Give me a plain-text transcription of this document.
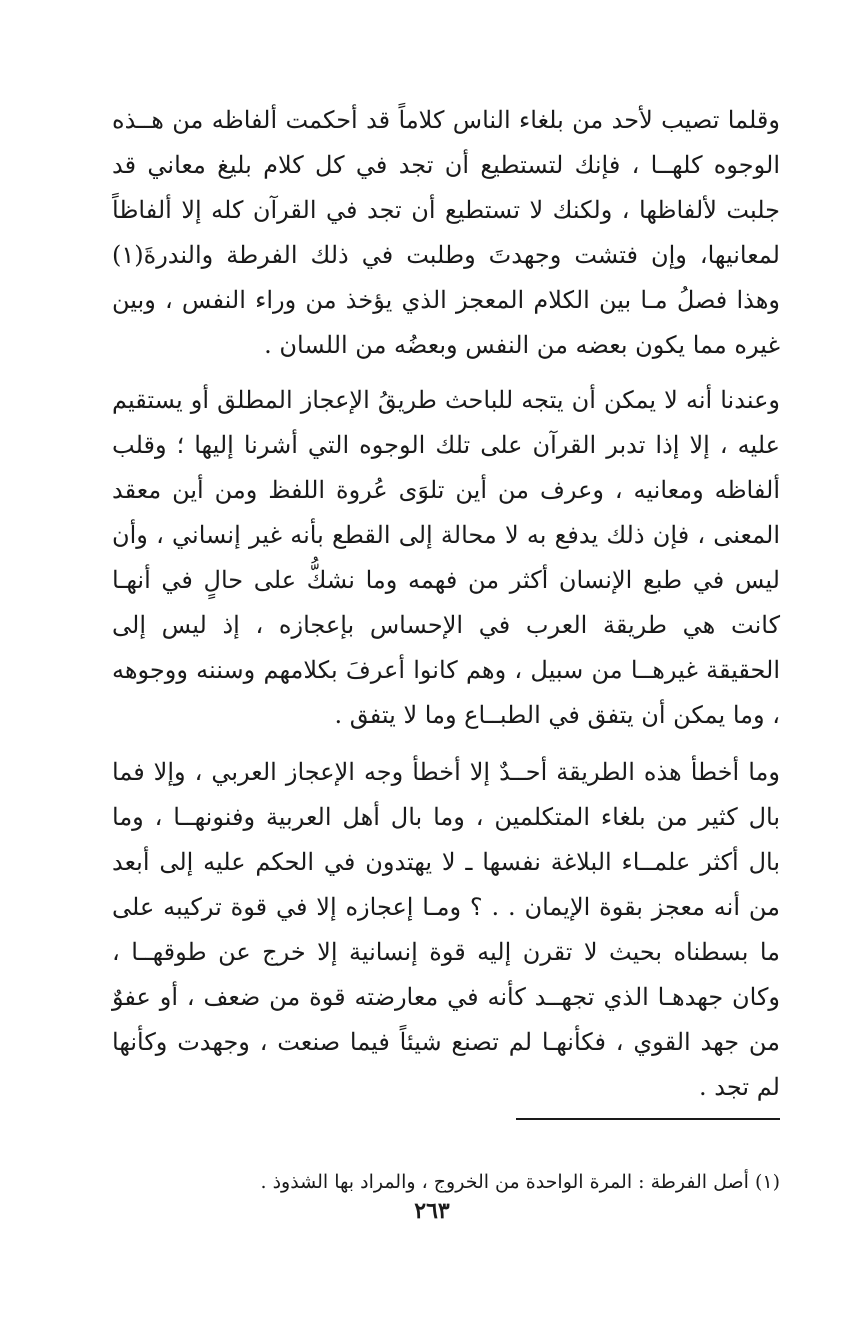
وقلما تصيب لأحد من بلغاء الناس كلاماً قد أحكمت ألفاظه من هــذه الوجوه كلهــا ، فإنك لتستطيع أن تجد في كل كلام بليغ معاني قد جلبت لألفاظها ، ولكنك لا تستطيع أن تجد في القرآن كله إلا ألفاظاً لمعانيها، وإن فتشت وجهدتَ وطلبت في ذلك الفرطة والندرةَ(١) وهذا فصلُ مـا بين الكلام المعجز الذي يؤخذ من وراء النفس ، وبين غيره مما يكون بعضه من النفس وبعضُه من اللسان .

وعندنا أنه لا يمكن أن يتجه للباحث طريقُ الإعجاز المطلق أو يستقيم عليه ، إلا إذا تدبر القرآن على تلك الوجوه التي أشرنا إليها ؛ وقلب ألفاظه ومعانيه ، وعرف من أين تلوَى عُروة اللفظ ومن أين معقد المعنى ، فإن ذلك يدفع به لا محالة إلى القطع بأنه غير إنساني ، وأن ليس في طبع الإنسان أكثر من فهمه وما نشكُّ على حالٍ في أنهـا كانت هي طريقة العرب في الإحساس بإعجازه ، إذ ليس إلى الحقيقة غيرهــا من سبيل ، وهم كانوا أعرفَ بكلامهم وسننه ووجوهه ، وما يمكن أن يتفق في الطبــاع وما لا يتفق .

وما أخطأ هذه الطريقة أحــدٌ إلا أخطأ وجه الإعجاز العربي ، وإلا فما بال كثير من بلغاء المتكلمين ، وما بال أهل العربية وفنونهــا ، وما بال أكثر علمــاء البلاغة نفسها ـ لا يهتدون في الحكم عليه إلى أبعد من أنه معجز بقوة الإيمان . . ؟ ومـا إعجازه إلا في قوة تركيبه على ما بسطناه بحيث لا تقرن إليه قوة إنسانية إلا خرج عن طوقهــا ، وكان جهدهـا الذي تجهــد كأنه في معارضته قوة من ضعف ، أو عفوٌ من جهد القوي ، فكأنهـا لم تصنع شيئاً فيما صنعت ، وجهدت وكأنها لم تجد .

(١) أصل الفرطة : المرة الواحدة من الخروج ، والمراد بها الشذوذ .

٢٦٣
